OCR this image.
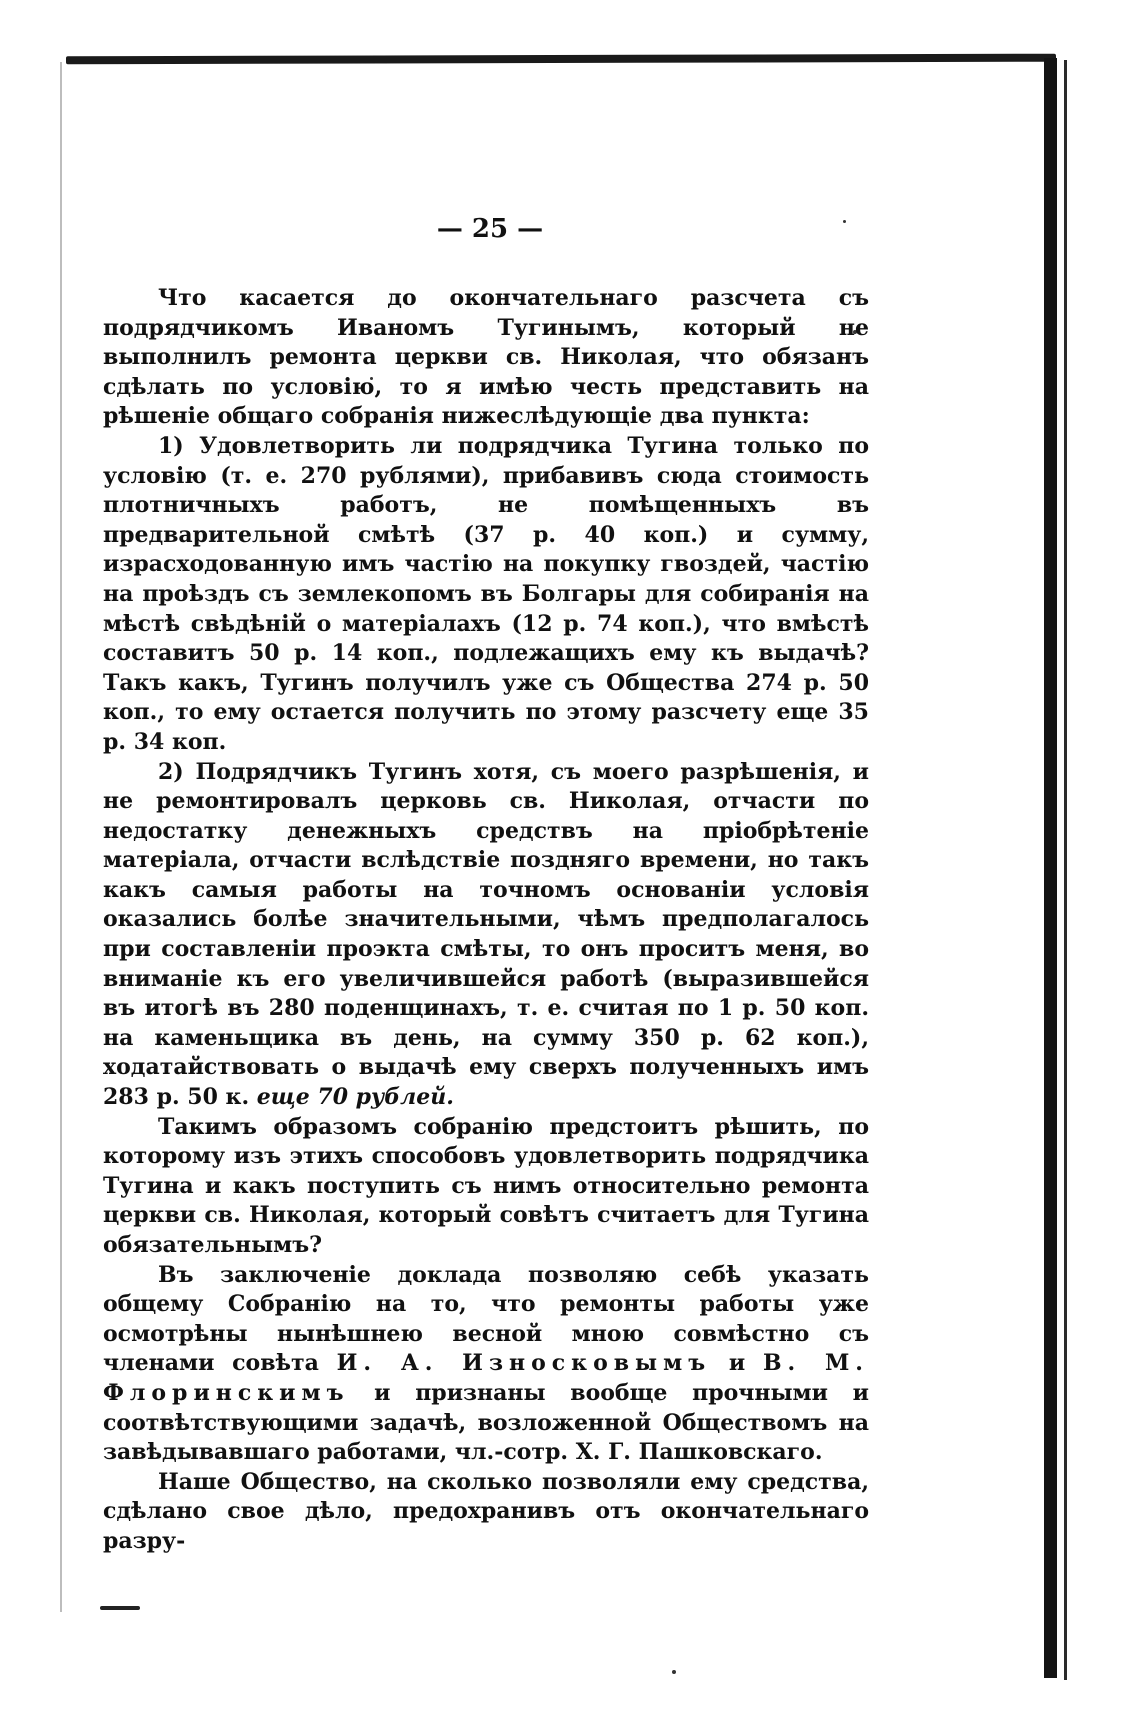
— 25 —

Что касается до окончательнаго разсчета съ подрядчикомъ Иваномъ Тугинымъ, который не выполнилъ ремонта церкви св. Николая, что обязанъ сдѣлать по условію, то я имѣю честь представить на рѣшеніе общаго собранія нижеслѣдующіе два пункта:

1) Удовлетворить ли подрядчика Тугина только по условію (т. е. 270 рублями), прибавивъ сюда стоимость плотничныхъ работъ, не помѣщенныхъ въ предварительной смѣтѣ (37 р. 40 коп.) и сумму, израсходованную имъ частію на покупку гвоздей, частію на проѣздъ съ землекопомъ въ Болгары для собиранія на мѣстѣ свѣдѣній о матеріалахъ (12 р. 74 коп.), что вмѣстѣ составитъ 50 р. 14 коп., подлежащихъ ему къ выдачѣ? Такъ какъ, Тугинъ получилъ уже съ Общества 274 р. 50 коп., то ему остается получить по этому разсчету еще 35 р. 34 коп.

2) Подрядчикъ Тугинъ хотя, съ моего разрѣшенія, и не ремонтировалъ церковь св. Николая, отчасти по недостатку денежныхъ средствъ на пріобрѣтеніе матеріала, отчасти вслѣдствіе поздняго времени, но такъ какъ самыя работы на точномъ основаніи условія оказались болѣе значительными, чѣмъ предполагалось при составленіи проэкта смѣты, то онъ проситъ меня, во вниманіе къ его увеличившейся работѣ (выразившейся въ итогѣ въ 280 поденщинахъ, т. е. считая по 1 р. 50 коп. на каменьщика въ день, на сумму 350 р. 62 коп.), ходатайствовать о выдачѣ ему сверхъ полученныхъ имъ 283 р. 50 к. еще 70 рублей.

Такимъ образомъ собранію предстоитъ рѣшить, по которому изъ этихъ способовъ удовлетворить подрядчика Тугина и какъ поступить съ нимъ относительно ремонта церкви св. Николая, который совѣтъ считаетъ для Тугина обязательнымъ?

Въ заключеніе доклада позволяю себѣ указать общему Собранію на то, что ремонты работы уже осмотрѣны нынѣшнею весной мною совмѣстно съ членами совѣта И. А. Износковымъ и В. М. Флоринскимъ и признаны вообще прочными и соотвѣтствующими задачѣ, возложенной Обществомъ на завѣдывавшаго работами, чл.-сотр. Х. Г. Пашковскаго.

Наше Общество, на сколько позволяли ему средства, сдѣлано свое дѣло, предохранивъ отъ окончательнаго разру-
